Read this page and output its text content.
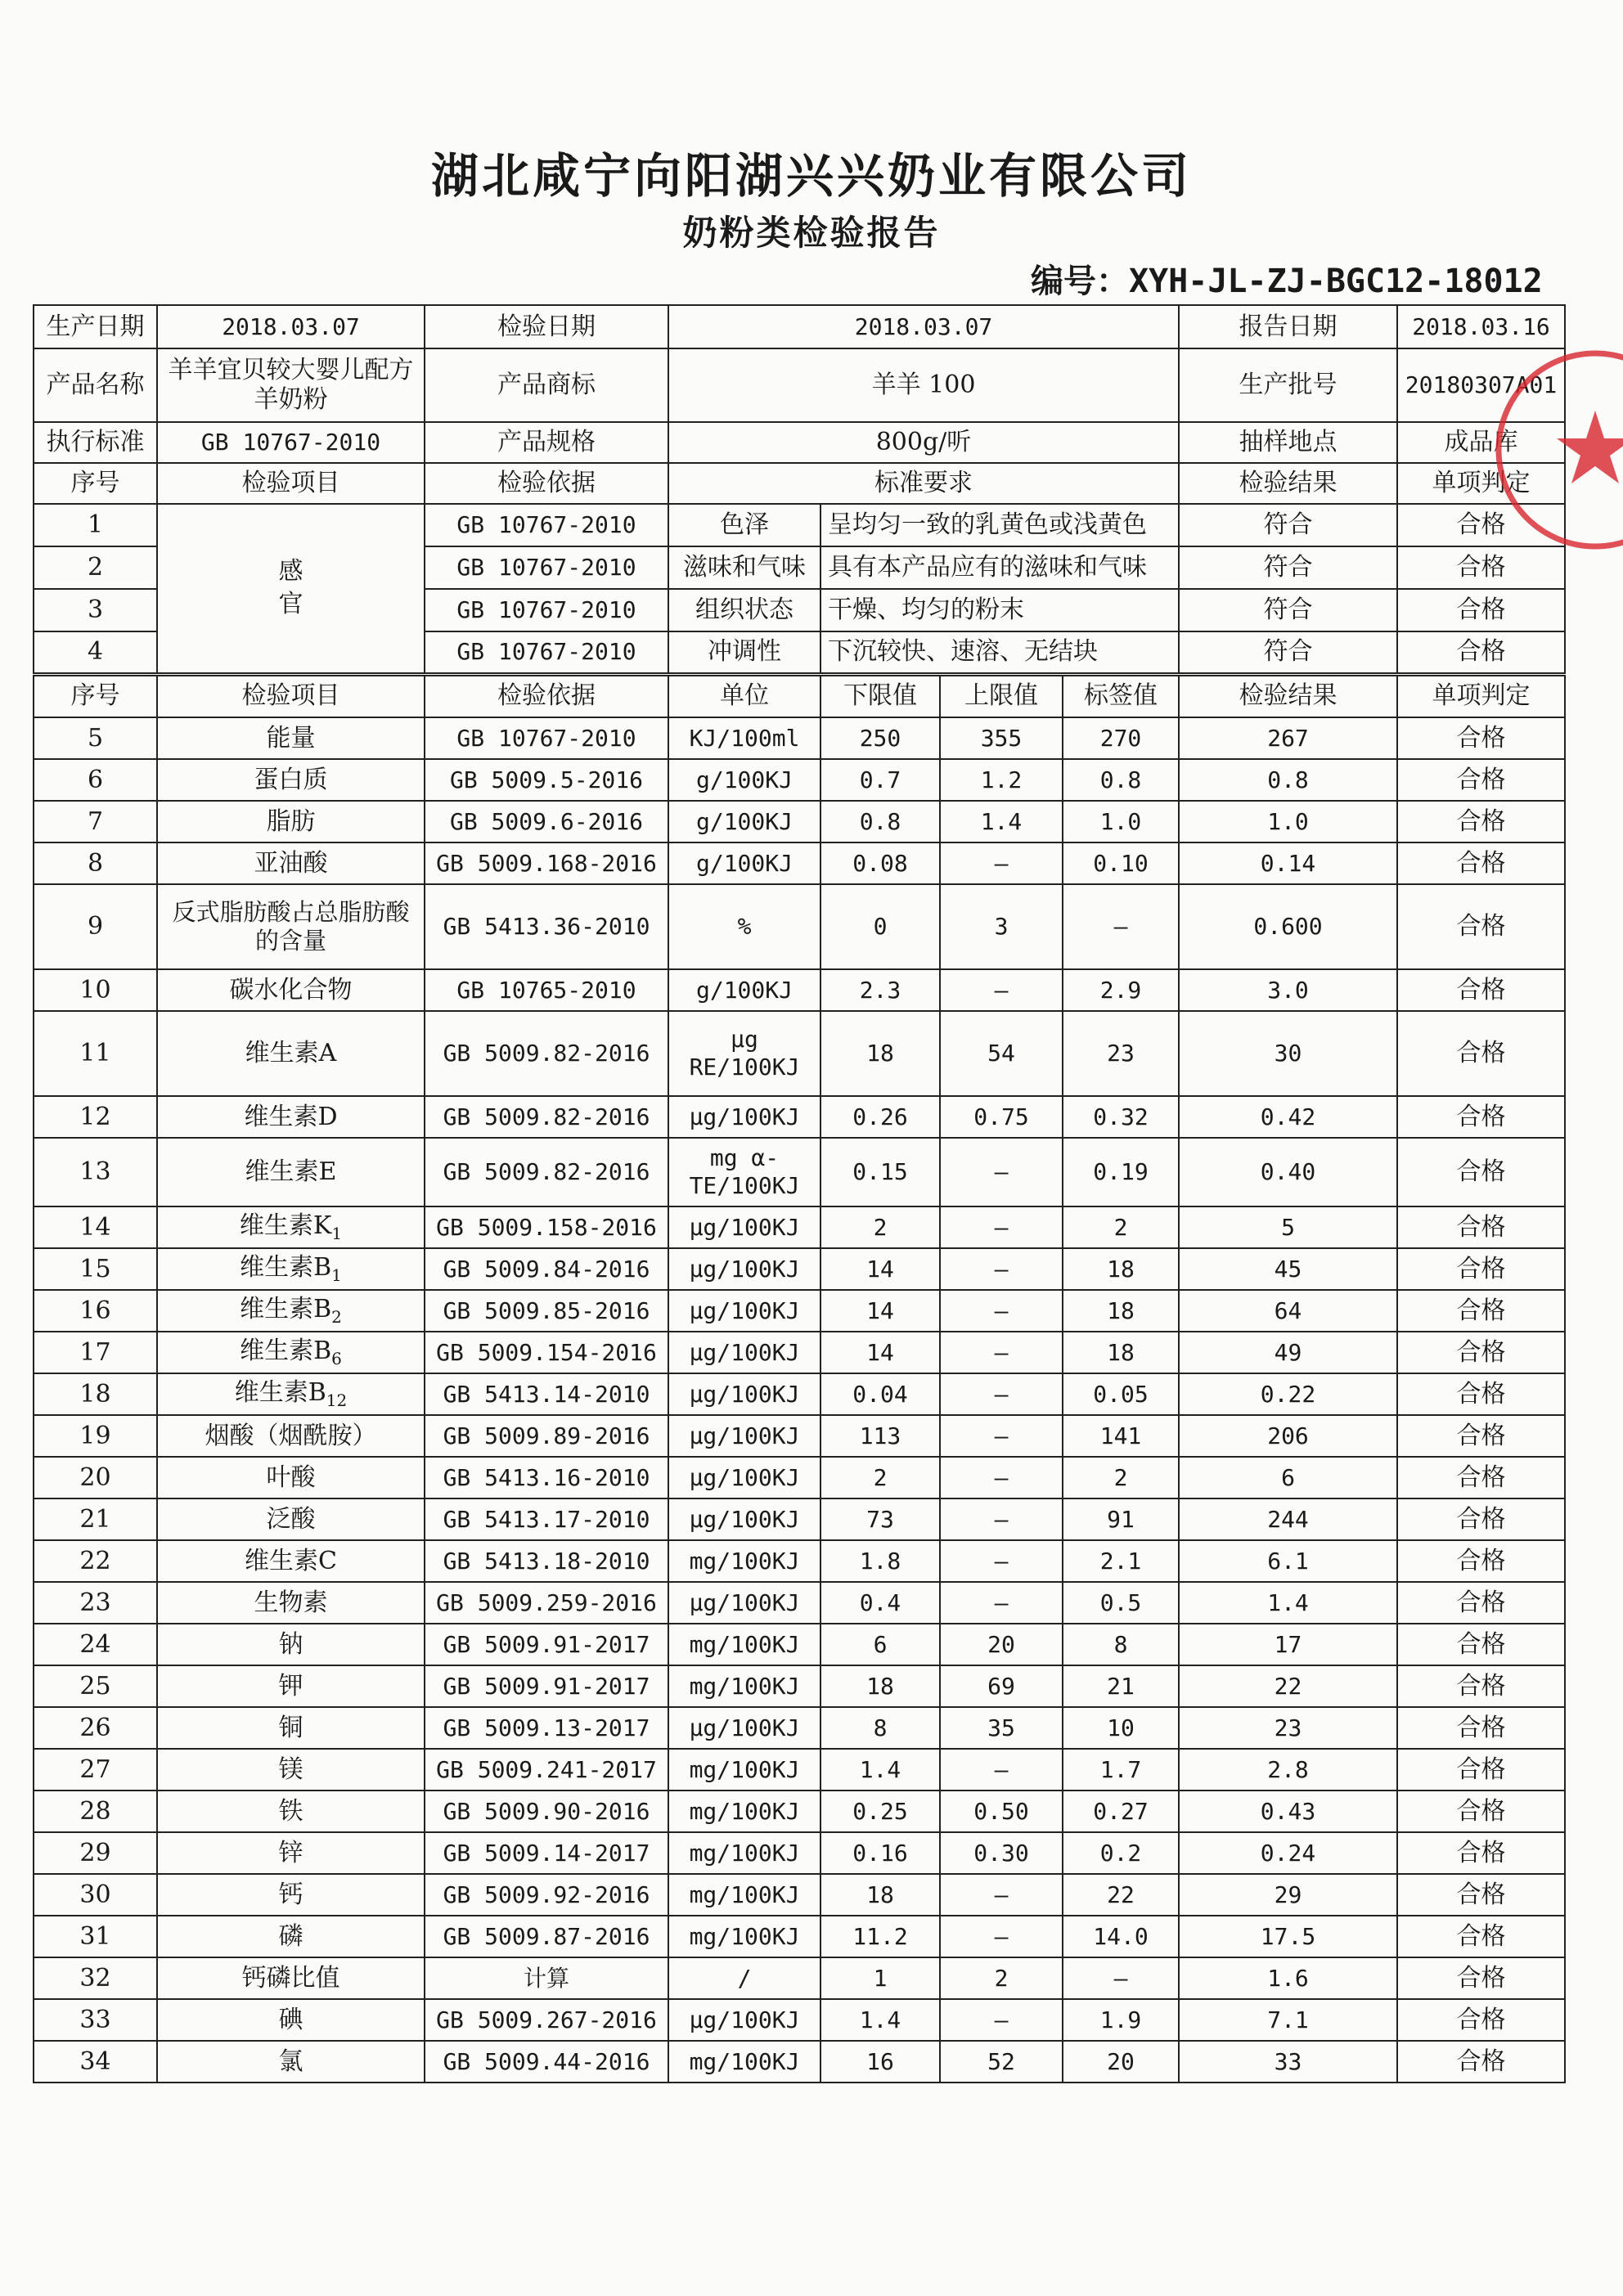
湖北咸宁向阳湖兴兴奶业有限公司
奶粉类检验报告
编号：XYH-JL-ZJ-BGC12-18012
生产日期	2018.03.07	检验日期	2018.03.07				报告日期	2018.03.16
产品名称	羊羊宜贝较大婴儿配方羊奶粉	产品商标	羊羊 100				生产批号	20180307A01
执行标准	GB 10767-2010	产品规格	800g/听				抽样地点	成品库
序号	检验项目	检验依据	标准要求				检验结果	单项判定
1	感官	GB 10767-2010	色泽	呈均匀一致的乳黄色或浅黄色			符合	合格
2		GB 10767-2010	滋味和气味	具有本产品应有的滋味和气味			符合	合格
3		GB 10767-2010	组织状态	干燥、均匀的粉末			符合	合格
4		GB 10767-2010	冲调性	下沉较快、速溶、无结块			符合	合格
序号	检验项目	检验依据	单位	下限值	上限值	标签值	检验结果	单项判定
5	能量	GB 10767-2010	KJ/100ml	250	355	270	267	合格
6	蛋白质	GB 5009.5-2016	g/100KJ	0.7	1.2	0.8	0.8	合格
7	脂肪	GB 5009.6-2016	g/100KJ	0.8	1.4	1.0	1.0	合格
8	亚油酸	GB 5009.168-2016	g/100KJ	0.08	–	0.10	0.14	合格
9	反式脂肪酸占总脂肪酸的含量	GB 5413.36-2010	%	0	3	–	0.600	合格
10	碳水化合物	GB 10765-2010	g/100KJ	2.3	–	2.9	3.0	合格
11	维生素A	GB 5009.82-2016	μg RE/100KJ	18	54	23	30	合格
12	维生素D	GB 5009.82-2016	μg/100KJ	0.26	0.75	0.32	0.42	合格
13	维生素E	GB 5009.82-2016	mg α-TE/100KJ	0.15	–	0.19	0.40	合格
14	维生素$K_1$	GB 5009.158-2016	μg/100KJ	2	–	2	5	合格
15	维生素$B_1$	GB 5009.84-2016	μg/100KJ	14	–	18	45	合格
16	维生素$B_2$	GB 5009.85-2016	μg/100KJ	14	–	18	64	合格
17	维生素$B_6$	GB 5009.154-2016	μg/100KJ	14	–	18	49	合格
18	维生素$B_{12}$	GB 5413.14-2010	μg/100KJ	0.04	–	0.05	0.22	合格
19	烟酸（烟酰胺）	GB 5009.89-2016	μg/100KJ	113	–	141	206	合格
20	叶酸	GB 5413.16-2010	μg/100KJ	2	–	2	6	合格
21	泛酸	GB 5413.17-2010	μg/100KJ	73	–	91	244	合格
22	维生素C	GB 5413.18-2010	mg/100KJ	1.8	–	2.1	6.1	合格
23	生物素	GB 5009.259-2016	μg/100KJ	0.4	–	0.5	1.4	合格
24	钠	GB 5009.91-2017	mg/100KJ	6	20	8	17	合格
25	钾	GB 5009.91-2017	mg/100KJ	18	69	21	22	合格
26	铜	GB 5009.13-2017	μg/100KJ	8	35	10	23	合格
27	镁	GB 5009.241-2017	mg/100KJ	1.4	–	1.7	2.8	合格
28	铁	GB 5009.90-2016	mg/100KJ	0.25	0.50	0.27	0.43	合格
29	锌	GB 5009.14-2017	mg/100KJ	0.16	0.30	0.2	0.24	合格
30	钙	GB 5009.92-2016	mg/100KJ	18	–	22	29	合格
31	磷	GB 5009.87-2016	mg/100KJ	11.2	–	14.0	17.5	合格
32	钙磷比值	计算	/	1	2	–	1.6	合格
33	碘	GB 5009.267-2016	μg/100KJ	1.4	–	1.9	7.1	合格
34	氯	GB 5009.44-2016	mg/100KJ	16	52	20	33	合格
